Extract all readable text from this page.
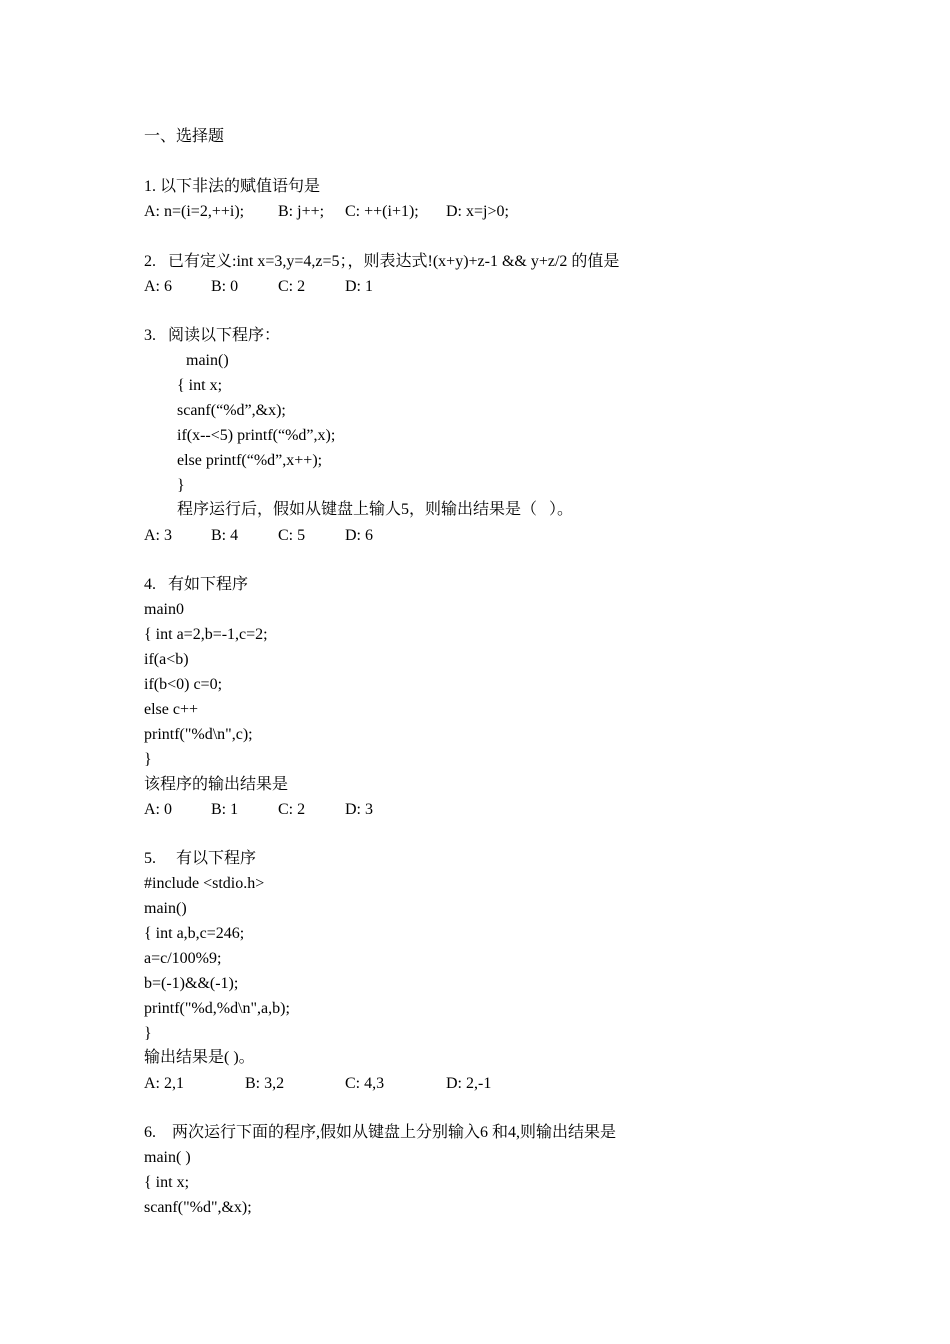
一、选择题
1. 以下非法的赋值语句是
A: n=(i=2,++i); B: j++; C: ++(i+1); D: x=j>0;
2.   已有定义:int x=3,y=4,z=5；，则表达式!(x+y)+z-1 && y+z/2 的值是
A: 6 B: 0 C: 2 D: 1
3.   阅读以下程序：
main()
{ int x;
scanf(“%d”,&x);
if(x--<5) printf(“%d”,x);
else printf(“%d”,x++);
}
程序运行后，假如从键盘上输人5，则输出结果是（   ）。
A: 3 B: 4 C: 5 D: 6
4.   有如下程序
main0
{ int a=2,b=-1,c=2;
if(a<b)
if(b<0) c=0;
else c++
printf("%d\n",c);
}
该程序的输出结果是
A: 0 B: 1 C: 2 D: 3
5.     有以下程序
#include <stdio.h>
main()
{ int a,b,c=246;
a=c/100%9;
b=(-1)&&(-1);
printf("%d,%d\n",a,b);
}
输出结果是( )。
A: 2,1	B: 3,2	C: 4,3	D: 2,-1
6.    两次运行下面的程序,假如从键盘上分别输入6 和4,则输出结果是
main( )
{ int x;
scanf("%d",&x);
